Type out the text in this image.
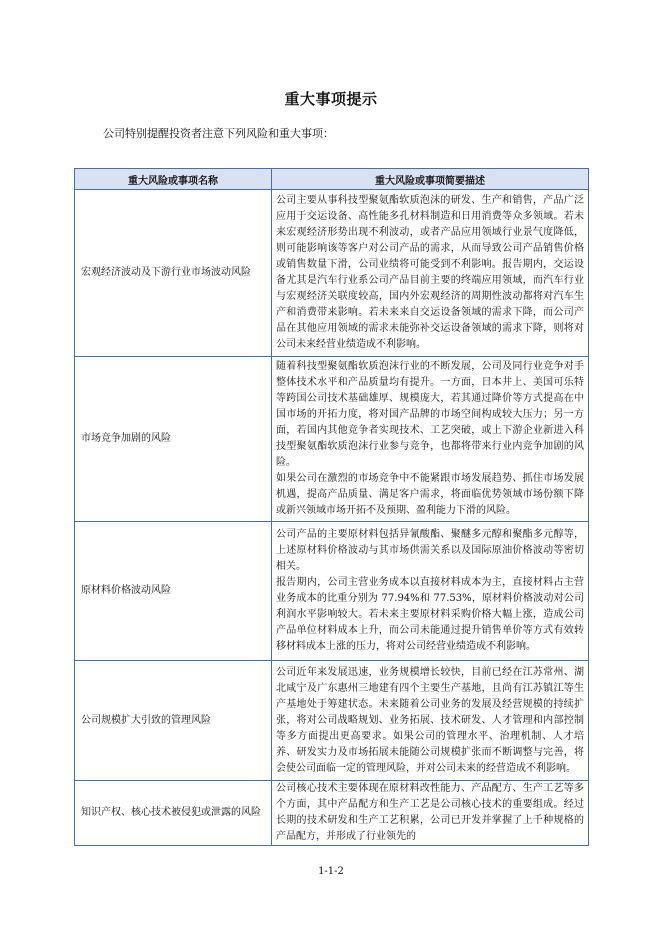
重大事项提示
公司特别提醒投资者注意下列风险和重大事项：
重大风险或事项名称	重大风险或事项简要描述
宏观经济波动及下游行业市场波动风险	公司主要从事科技型聚氨酯软质泡沫的研发、生产和销售，产品广泛应用于交运设备、高性能多孔材料制造和日用消费等众多领域。若未来宏观经济形势出现不利波动，或者产品应用领域行业景气度降低，则可能影响该等客户对公司产品的需求，从而导致公司产品销售价格或销售数量下滑，公司业绩将可能受到不利影响。报告期内，交运设备尤其是汽车行业系公司产品目前主要的终端应用领域，而汽车行业与宏观经济关联度较高，国内外宏观经济的周期性波动都将对汽车生产和消费带来影响。若未来来自交运设备领域的需求下降，而公司产品在其他应用领域的需求未能弥补交运设备领域的需求下降，则将对公司未来经营业绩造成不利影响。

市场竞争加剧的风险	随着科技型聚氨酯软质泡沫行业的不断发展，公司及同行业竞争对手整体技术水平和产品质量均有提升。一方面，日本井上、美国可乐特等跨国公司技术基础雄厚、规模庞大，若其通过降价等方式提高在中国市场的开拓力度，将对国产品牌的市场空间构成较大压力；另一方面，若国内其他竞争者实现技术、工艺突破，或上下游企业新进入科技型聚氨酯软质泡沫行业参与竞争，也都将带来行业内竞争加剧的风险。

如果公司在激烈的市场竞争中不能紧跟市场发展趋势、抓住市场发展机遇，提高产品质量、满足客户需求，将面临优势领域市场份额下降或新兴领域市场开拓不及预期、盈利能力下滑的风险。

原材料价格波动风险	公司产品的主要原材料包括异氰酸酯、聚醚多元醇和聚酯多元醇等，上述原材料价格波动与其市场供需关系以及国际原油价格波动等密切相关。

报告期内，公司主营业务成本以直接材料成本为主，直接材料占主营业务成本的比重分别为 77.94%和 77.53%，原材料价格波动对公司利润水平影响较大。若未来主要原材料采购价格大幅上涨，造成公司产品单位材料成本上升，而公司未能通过提升销售单价等方式有效转移材料成本上涨的压力，将对公司经营业绩造成不利影响。

公司规模扩大引致的管理风险	公司近年来发展迅速，业务规模增长较快，目前已经在江苏常州、湖北咸宁及广东惠州三地建有四个主要生产基地，且尚有江苏镇江等生产基地处于筹建状态。未来随着公司业务的发展及经营规模的持续扩张，将对公司战略规划、业务拓展、技术研发、人才管理和内部控制等多方面提出更高要求。如果公司的管理水平、治理机制、人才培养、研发实力及市场拓展未能随公司规模扩张而不断调整与完善，将会使公司面临一定的管理风险，并对公司未来的经营造成不利影响。

知识产权、核心技术被侵犯或泄露的风险	公司核心技术主要体现在原材料改性能力、产品配方、生产工艺等多个方面，其中产品配方和生产工艺是公司核心技术的重要组成。经过长期的技术研发和生产工艺积累，公司已开发并掌握了上千种规格的产品配方，并形成了行业领先的

1-1-2
